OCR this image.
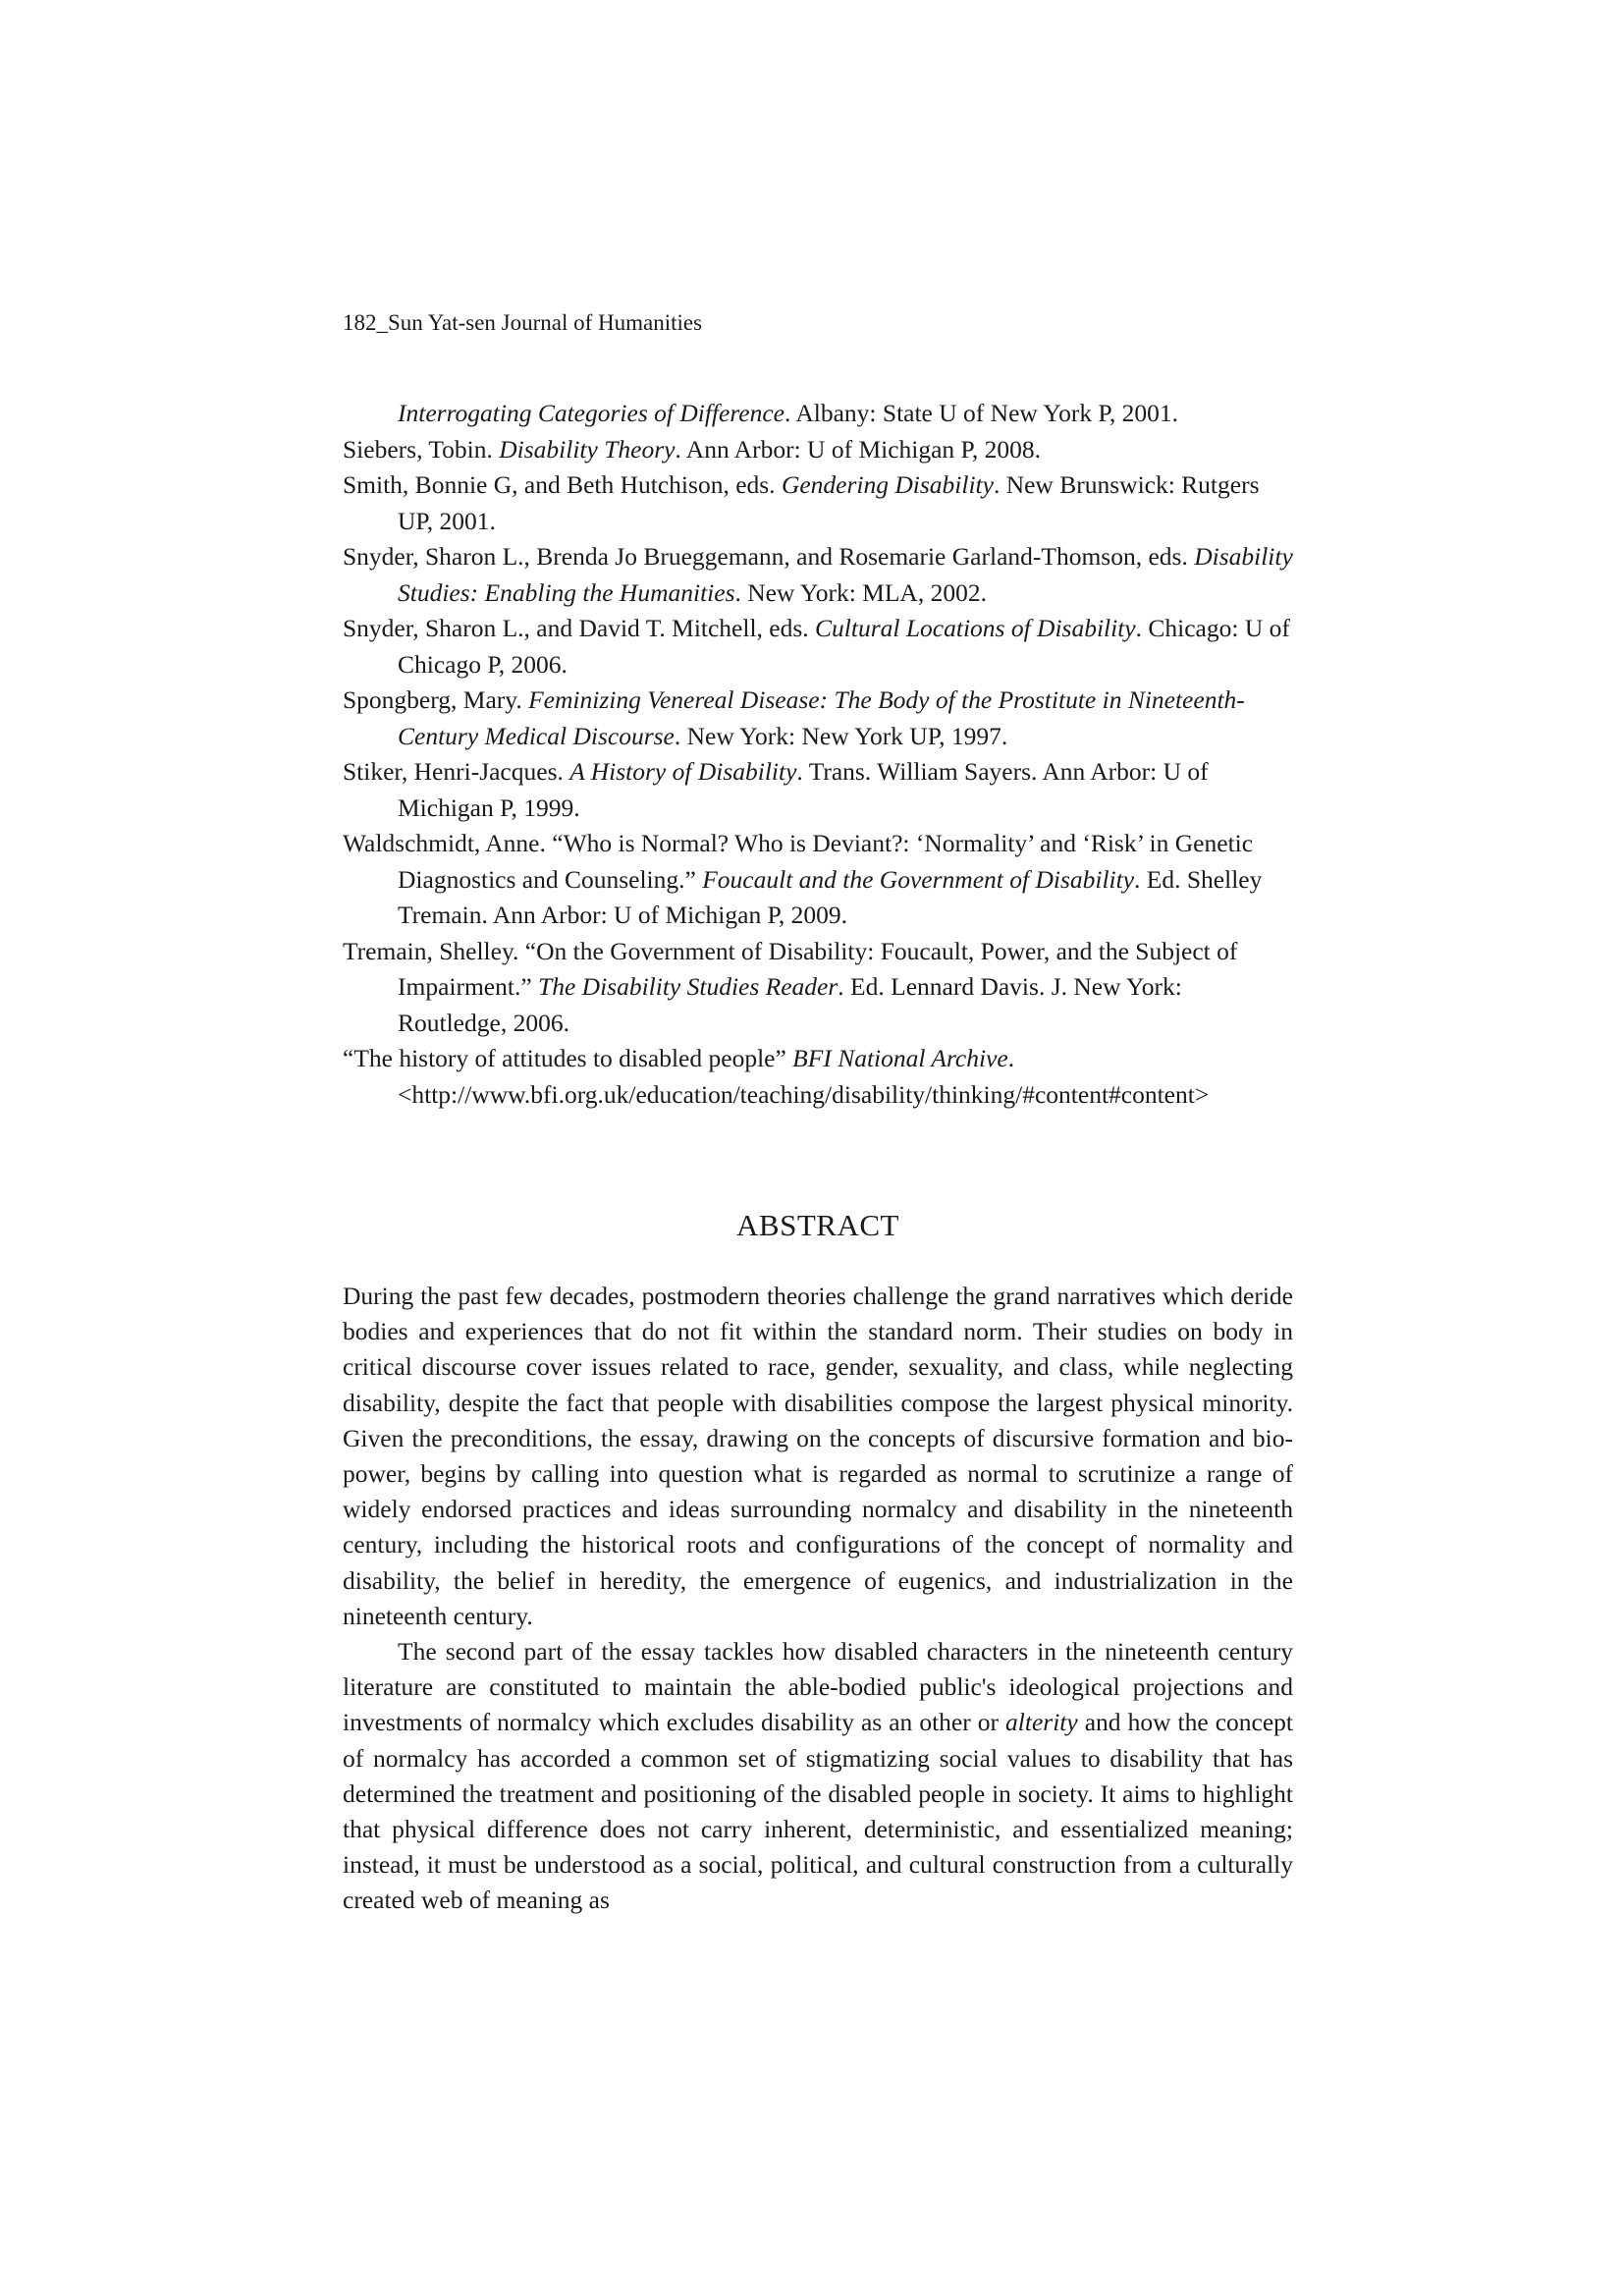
182_Sun Yat-sen Journal of Humanities

Interrogating Categories of Difference. Albany: State U of New York P, 2001.

Siebers, Tobin. Disability Theory. Ann Arbor: U of Michigan P, 2008.

Smith, Bonnie G, and Beth Hutchison, eds. Gendering Disability. New Brunswick: Rutgers UP, 2001.

Snyder, Sharon L., Brenda Jo Brueggemann, and Rosemarie Garland-Thomson, eds. Disability Studies: Enabling the Humanities. New York: MLA, 2002.

Snyder, Sharon L., and David T. Mitchell, eds. Cultural Locations of Disability. Chicago: U of Chicago P, 2006.

Spongberg, Mary. Feminizing Venereal Disease: The Body of the Prostitute in Nineteenth-Century Medical Discourse. New York: New York UP, 1997.

Stiker, Henri-Jacques. A History of Disability. Trans. William Sayers. Ann Arbor: U of Michigan P, 1999.

Waldschmidt, Anne. “Who is Normal? Who is Deviant?: ‘Normality’ and ‘Risk’ in Genetic Diagnostics and Counseling.” Foucault and the Government of Disability. Ed. Shelley Tremain. Ann Arbor: U of Michigan P, 2009.

Tremain, Shelley. “On the Government of Disability: Foucault, Power, and the Subject of Impairment.” The Disability Studies Reader. Ed. Lennard Davis. J. New York: Routledge, 2006.

“The history of attitudes to disabled people” BFI National Archive. <http://www.bfi.org.uk/education/teaching/disability/thinking/#content#content>

ABSTRACT

During the past few decades, postmodern theories challenge the grand narratives which deride bodies and experiences that do not fit within the standard norm. Their studies on body in critical discourse cover issues related to race, gender, sexuality, and class, while neglecting disability, despite the fact that people with disabilities compose the largest physical minority. Given the preconditions, the essay, drawing on the concepts of discursive formation and bio-power, begins by calling into question what is regarded as normal to scrutinize a range of widely endorsed practices and ideas surrounding normalcy and disability in the nineteenth century, including the historical roots and configurations of the concept of normality and disability, the belief in heredity, the emergence of eugenics, and industrialization in the nineteenth century.

The second part of the essay tackles how disabled characters in the nineteenth century literature are constituted to maintain the able-bodied public's ideological projections and investments of normalcy which excludes disability as an other or alterity and how the concept of normalcy has accorded a common set of stigmatizing social values to disability that has determined the treatment and positioning of the disabled people in society. It aims to highlight that physical difference does not carry inherent, deterministic, and essentialized meaning; instead, it must be understood as a social, political, and cultural construction from a culturally created web of meaning as
